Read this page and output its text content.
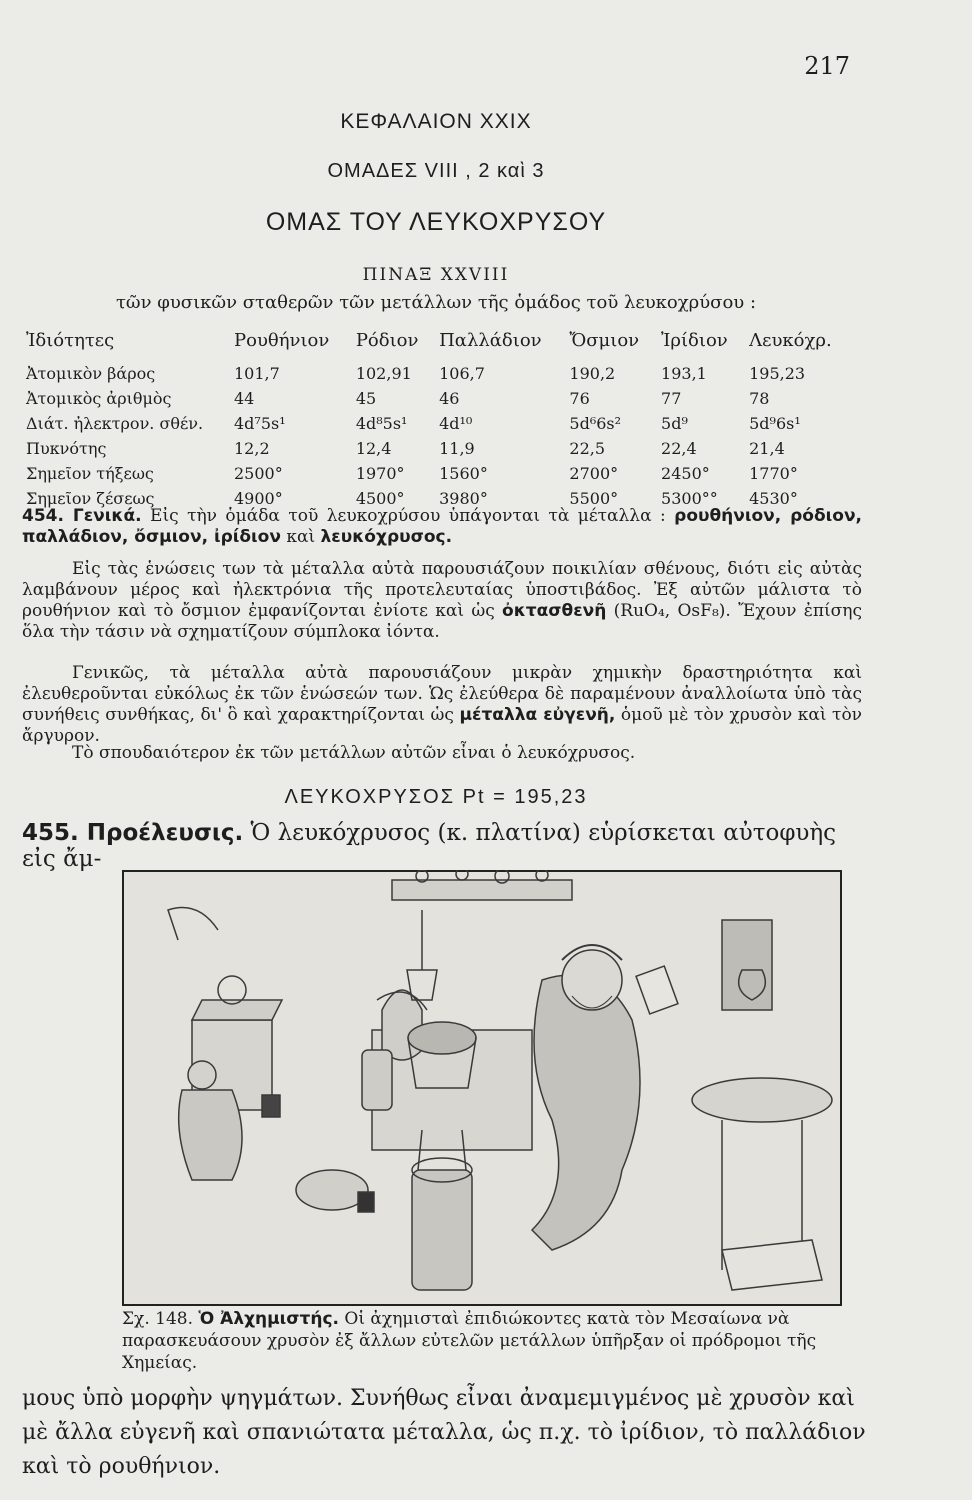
217
ΚΕΦΑΛΑΙΟΝ XXIX
ΟΜΑΔΕΣ VIII , 2 καὶ 3
ΟΜΑΣ ΤΟΥ ΛΕΥΚΟΧΡΥΣΟΥ
ΠΙΝΑΞ XXVIII
τῶν φυσικῶν σταθερῶν τῶν μετάλλων τῆς ὁμάδος τοῦ λευκοχρύσου :
Ἰδιότητες	Ρουθήνιον	Ρόδιον	Παλλάδιον	Ὄσμιον	Ἰρίδιον	Λευκόχρ.
Ἀτομικὸν βάρος	101,7	102,91	106,7	190,2	193,1	195,23
Ἀτομικὸς ἀριθμὸς	44	45	46	76	77	78
Διάτ. ἠλεκτρον. σθέν.	4d⁷5s¹	4d⁸5s¹	4d¹⁰	5d⁶6s²	5d⁹	5d⁹6s¹
Πυκνότης	12,2	12,4	11,9	22,5	22,4	21,4
Σημεῖον τήξεως	2500°	1970°	1560°	2700°	2450°	1770°
Σημεῖον ζέσεως	4900°	4500°	3980°	5500°	5300°°	4530°
454. Γενικά. Εἰς τὴν ὁμάδα τοῦ λευκοχρύσου ὑπάγονται τὰ μέταλλα : ρουθήνιον, ρόδιον, παλλάδιον, ὄσμιον, ἰρίδιον καὶ λευκόχρυσος.
Εἰς τὰς ἑνώσεις των τὰ μέταλλα αὐτὰ παρουσιάζουν ποικιλίαν σθένους, διότι εἰς αὐτὰς λαμβάνουν μέρος καὶ ἠλεκτρόνια τῆς προτελευταίας ὑποστιβάδος. Ἐξ αὐτῶν μάλιστα τὸ ρουθήνιον καὶ τὸ ὄσμιον ἐμφανίζονται ἐνίοτε καὶ ὡς ὀκτασθενῆ (RuO₄, OsF₈). Ἔχουν ἐπίσης ὅλα τὴν τάσιν νὰ σχηματίζουν σύμπλοκα ἰόντα.
Γενικῶς, τὰ μέταλλα αὐτὰ παρουσιάζουν μικρὰν χημικὴν δραστηριότητα καὶ ἐλευθεροῦνται εὐκόλως ἐκ τῶν ἑνώσεών των. Ὡς ἐλεύθερα δὲ παραμένουν ἀναλλοίωτα ὑπὸ τὰς συνήθεις συνθήκας, δι' ὃ καὶ χαρακτηρίζονται ὡς μέταλλα εὐγενῆ, ὁμοῦ μὲ τὸν χρυσὸν καὶ τὸν ἄργυρον.
Τὸ σπουδαιότερον ἐκ τῶν μετάλλων αὐτῶν εἶναι ὁ λευκόχρυσος.
ΛΕΥΚΟΧΡΥΣΟΣ Pt = 195,23
455. Προέλευσις. Ὁ λευκόχρυσος (κ. πλατίνα) εὑρίσκεται αὐτοφυὴς εἰς ἄμ-
Σχ. 148. Ὁ Ἀλχημιστής. Οἱ ἀχημισταὶ ἐπιδιώκοντες κατὰ τὸν Μεσαίωνα νὰ παρασκευάσουν χρυσὸν ἐξ ἄλλων εὐτελῶν μετάλλων ὑπῆρξαν οἱ πρόδρομοι τῆς Χημείας.
μους ὑπὸ μορφὴν ψηγμάτων. Συνήθως εἶναι ἀναμεμιγμένος μὲ χρυσὸν καὶ μὲ ἄλλα εὐγενῆ καὶ σπανιώτατα μέταλλα, ὡς π.χ. τὸ ἰρίδιον, τὸ παλλάδιον καὶ τὸ ρουθήνιον.
